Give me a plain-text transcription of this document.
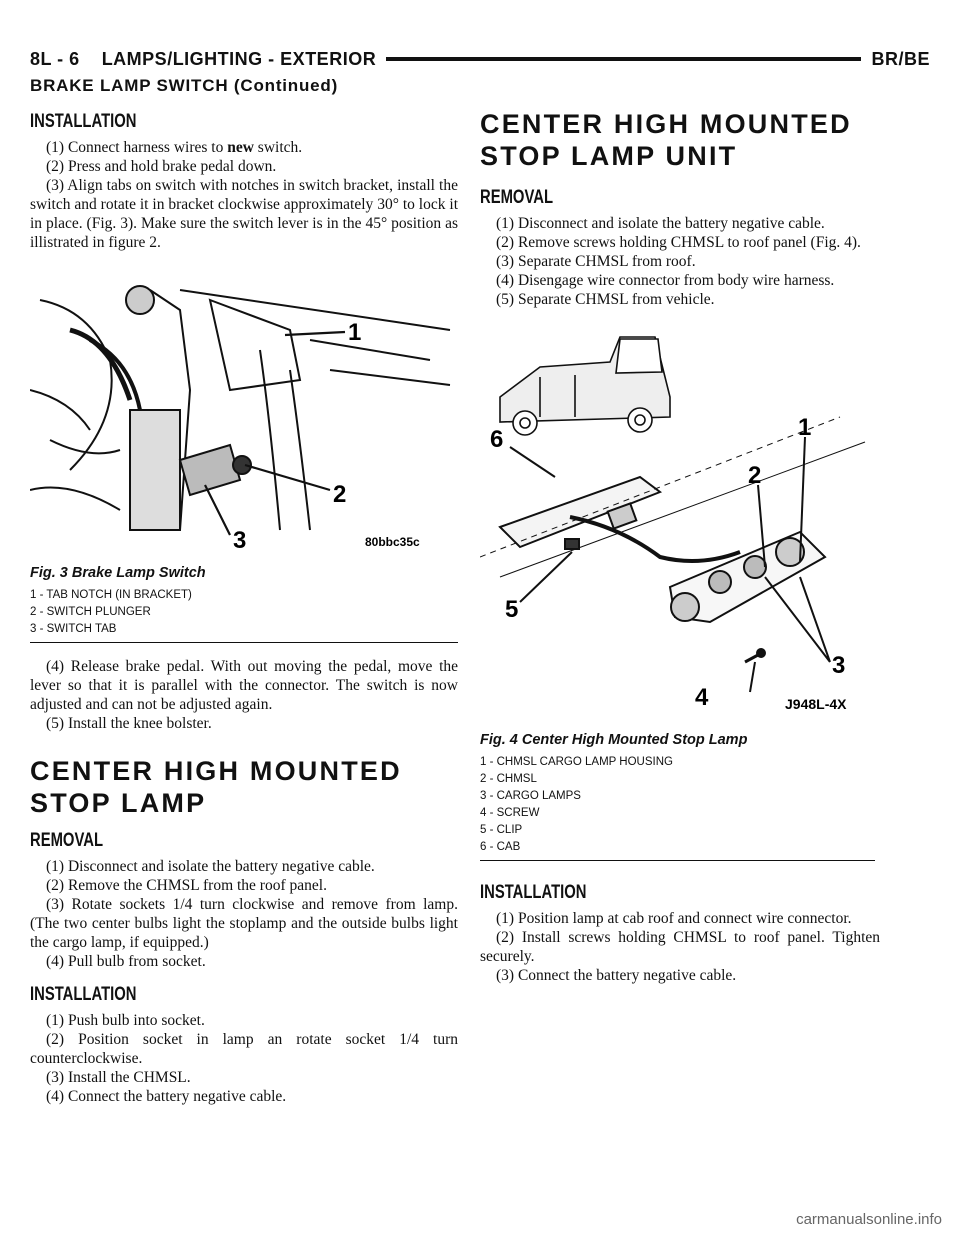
8L - 6 LAMPS/LIGHTING - EXTERIOR	BR/BE
BRAKE LAMP SWITCH (Continued)
INSTALLATION

(1) Connect harness wires to new switch.

(2) Press and hold brake pedal down.

(3) Align tabs on switch with notches in switch bracket, install the switch and rotate it in bracket clockwise approximately 30° to lock it in place. (Fig. 3). Make sure the switch lever is in the 45° position as illistrated in figure 2.

1
2
3	80bbc35c
Fig. 3 Brake Lamp Switch
1 - TAB NOTCH (IN BRACKET)
2 - SWITCH PLUNGER
3 - SWITCH TAB

(4) Release brake pedal. With out moving the pedal, move the lever so that it is parallel with the connector. The switch is now adjusted and can not be adjusted again.

(5) Install the knee bolster.

CENTER HIGH MOUNTED STOP LAMP
REMOVAL

(1) Disconnect and isolate the battery negative cable.

(2) Remove the CHMSL from the roof panel.

(3) Rotate sockets 1/4 turn clockwise and remove from lamp. (The two center bulbs light the stoplamp and the outside bulbs light the cargo lamp, if equipped.)

(4) Pull bulb from socket.

INSTALLATION

(1) Push bulb into socket.

(2) Position socket in lamp an rotate socket 1/4 turn counterclockwise.

(3) Install the CHMSL.

(4) Connect the battery negative cable.

CENTER HIGH MOUNTED STOP LAMP UNIT
REMOVAL

(1) Disconnect and isolate the battery negative cable.

(2) Remove screws holding CHMSL to roof panel (Fig. 4).

(3) Separate CHMSL from roof.

(4) Disengage wire connector from body wire harness.

(5) Separate CHMSL from vehicle.

1
2
3
4
5
6
J948L-4X
Fig. 4 Center High Mounted Stop Lamp
1 - CHMSL CARGO LAMP HOUSING
2 - CHMSL
3 - CARGO LAMPS
4 - SCREW
5 - CLIP
6 - CAB
INSTALLATION

(1) Position lamp at cab roof and connect wire connector.

(2) Install screws holding CHMSL to roof panel. Tighten securely.

(3) Connect the battery negative cable.

carmanualsonline.info
